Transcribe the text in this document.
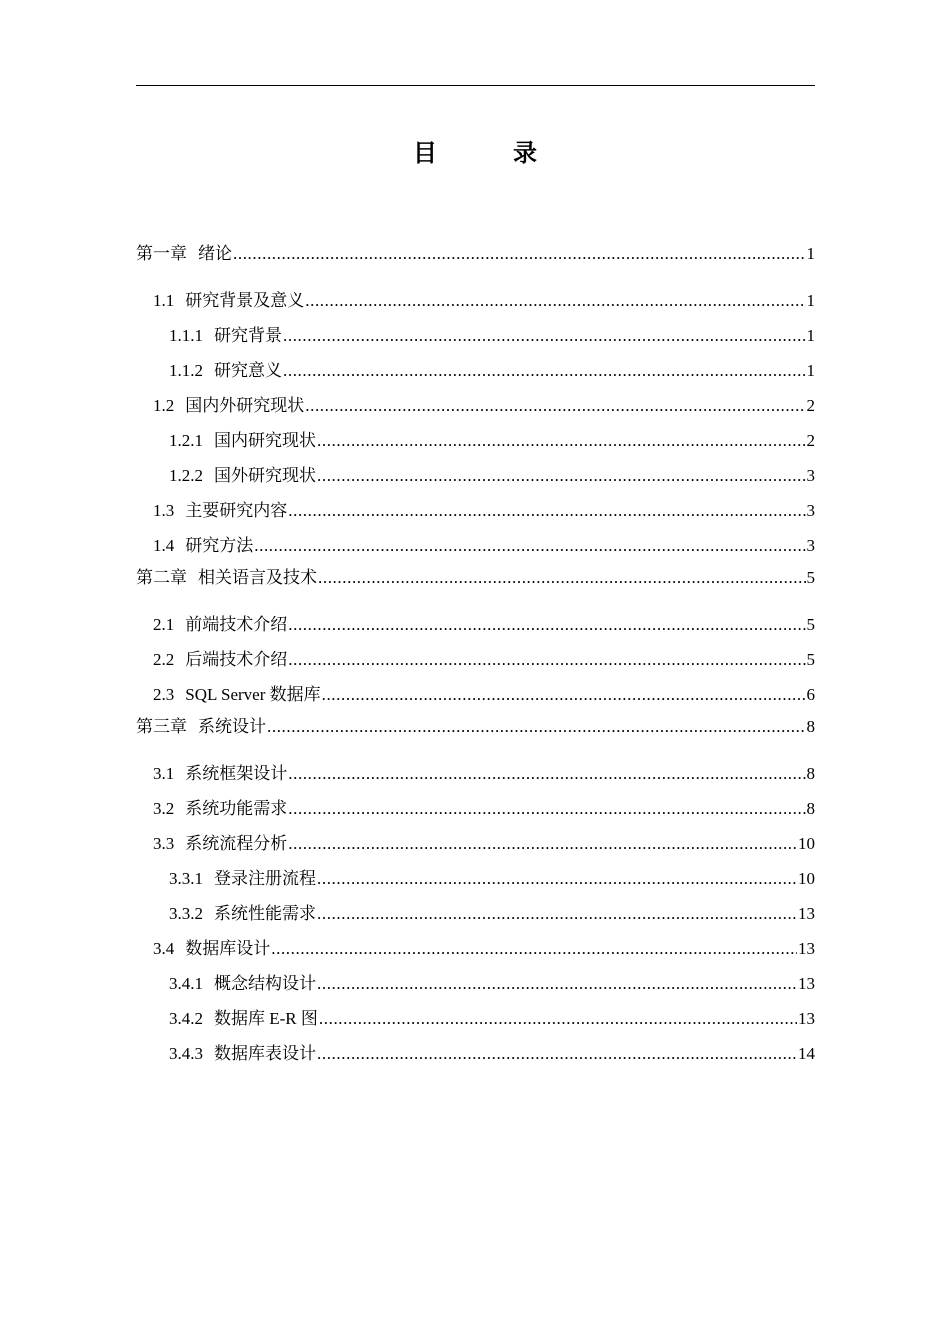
目　录
第一章 绪论 .....	1
1.1 研究背景及意义 .....	1
1.1.1 研究背景 .....	1
1.1.2 研究意义 .....	1
1.2 国内外研究现状 .....	2
1.2.1 国内研究现状 .....	2
1.2.2 国外研究现状 .....	3
1.3 主要研究内容 .....	3
1.4 研究方法 .....	3
第二章 相关语言及技术 .....	5
2.1 前端技术介绍 .....	5
2.2 后端技术介绍 .....	5
2.3 SQL Server 数据库 .....	6
第三章 系统设计 .....	8
3.1 系统框架设计 .....	8
3.2 系统功能需求 .....	8
3.3 系统流程分析 .....	10
3.3.1 登录注册流程 .....	10
3.3.2 系统性能需求 .....	13
3.4 数据库设计 .....	13
3.4.1 概念结构设计 .....	13
3.4.2 数据库 E-R 图 .....	13
3.4.3 数据库表设计 .....	14
